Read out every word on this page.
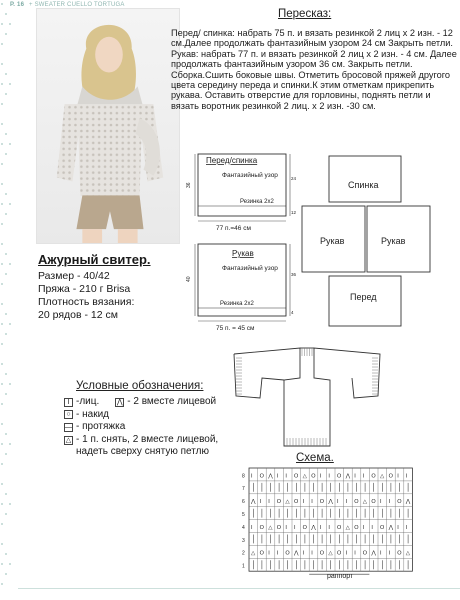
Р. 16 + SWEATER CUELLO TORTUGA
Пересказ:

Перед/ спинка: набрать 75 п. и вязать резинкой 2 лиц х 2 изн. - 12 см.Далее продолжать фантазийным узором 24 см Закрыть петли.

Рукав: набрать 77 п. и вязать резинкой 2 лиц х 2 изн. - 4 см. Далее продолжать фантазийным узором 36 см. Закрыть петли.

Сборка.Сшить боковые швы. Отметить бросовой пряжей другого цвета середину переда и спинки.К этим отметкам прикрепить рукава. Оставить отверстие для горловины, поднять петли и вязать воротник резинкой 2 лиц. х 2 изн. -30 см.

Ажурный свитер.
Размер - 40/42
Пряжа - 210 г Brisa
Плотность вязания:
20 рядов - 12 см
Перед/спинка
Фантазийный узор
Резинка 2х2
77 п.=46 см
36
12
24
Рукав
Фантазийный узор
Резинка 2х2
75 п. = 45 см
40
4
36
Спинка
Рукав	Рукав
Перед
Условные обозначения:
I -лиц.	⋀ - 2 вместе лицевой
○ - накид
— - протяжка
△ - 1 п. снять, 2 вместе лицевой, надеть сверху снятую петлю
Схема.
8 I O ⋀ I I O △ O I I O ⋀ I I O △ O I I
7
6 ⋀ I I O △ O I I O ⋀ I I O △ O I I O ⋀
5
4 I O △ O I I O ⋀ I I O △ O I I O ⋀ I I
3
2 △ O I I O ⋀ I I O △ O I I O ⋀ I I O △
1
раппорт
